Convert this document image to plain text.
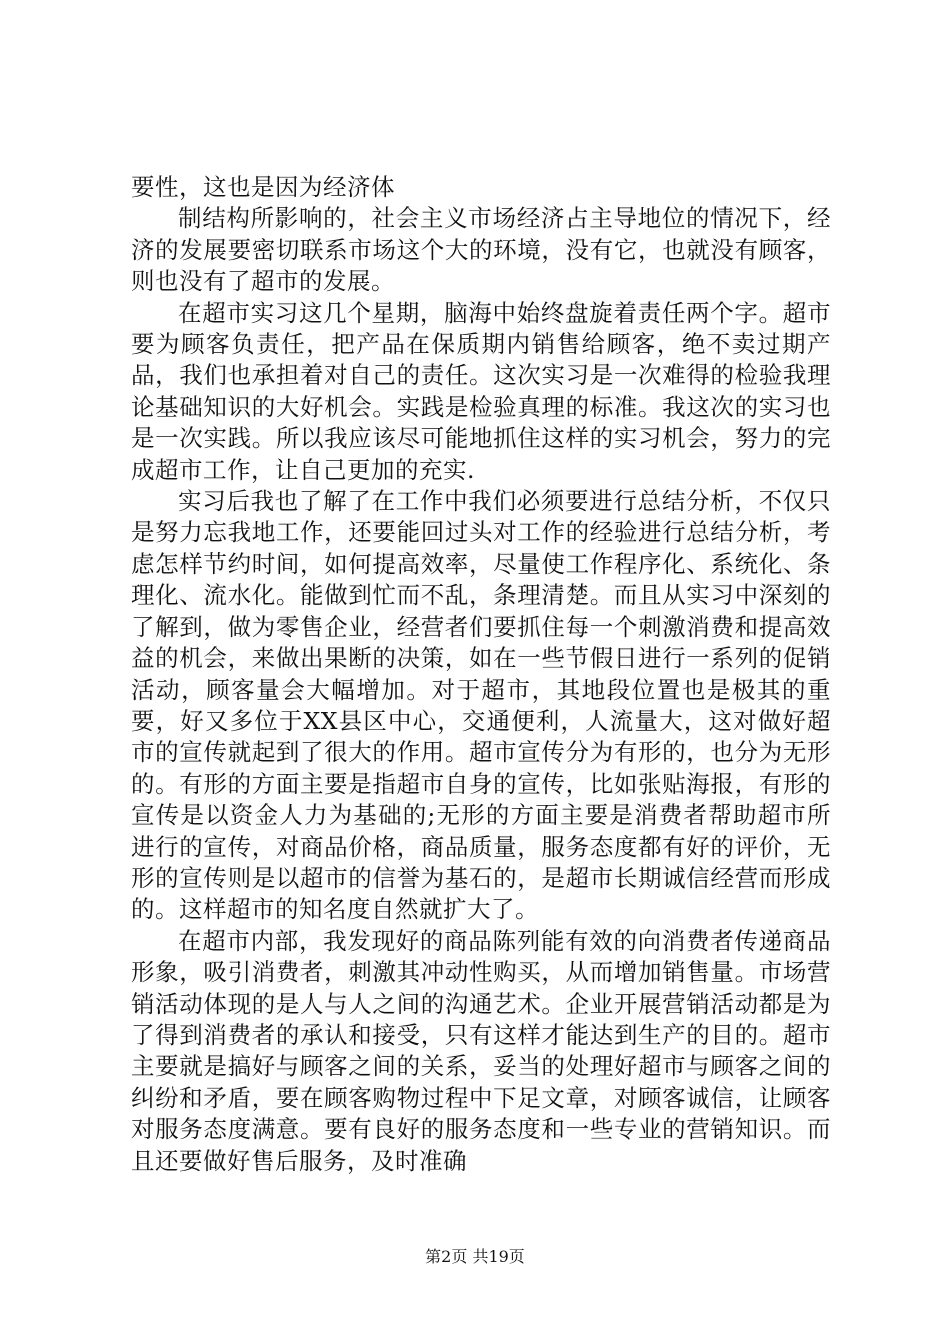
要性，这也是因为经济体

制结构所影响的，社会主义市场经济占主导地位的情况下，经济的发展要密切联系市场这个大的环境，没有它，也就没有顾客，则也没有了超市的发展。

在超市实习这几个星期，脑海中始终盘旋着责任两个字。超市要为顾客负责任，把产品在保质期内销售给顾客，绝不卖过期产品，我们也承担着对自己的责任。这次实习是一次难得的检验我理论基础知识的大好机会。实践是检验真理的标准。我这次的实习也是一次实践。所以我应该尽可能地抓住这样的实习机会，努力的完成超市工作，让自己更加的充实.

实习后我也了解了在工作中我们必须要进行总结分析，不仅只是努力忘我地工作，还要能回过头对工作的经验进行总结分析，考虑怎样节约时间，如何提高效率，尽量使工作程序化、系统化、条理化、流水化。能做到忙而不乱，条理清楚。而且从实习中深刻的了解到，做为零售企业，经营者们要抓住每一个刺激消费和提高效益的机会，来做出果断的决策，如在一些节假日进行一系列的促销活动，顾客量会大幅增加。对于超市，其地段位置也是极其的重要，好又多位于XX县区中心，交通便利，人流量大，这对做好超市的宣传就起到了很大的作用。超市宣传分为有形的，也分为无形的。有形的方面主要是指超市自身的宣传，比如张贴海报，有形的宣传是以资金人力为基础的;无形的方面主要是消费者帮助超市所进行的宣传，对商品价格，商品质量，服务态度都有好的评价，无形的宣传则是以超市的信誉为基石的，是超市长期诚信经营而形成的。这样超市的知名度自然就扩大了。

在超市内部，我发现好的商品陈列能有效的向消费者传递商品形象，吸引消费者，刺激其冲动性购买，从而增加销售量。市场营销活动体现的是人与人之间的沟通艺术。企业开展营销活动都是为了得到消费者的承认和接受，只有这样才能达到生产的目的。超市主要就是搞好与顾客之间的关系，妥当的处理好超市与顾客之间的纠纷和矛盾，要在顾客购物过程中下足文章，对顾客诚信，让顾客对服务态度满意。要有良好的服务态度和一些专业的营销知识。而且还要做好售后服务，及时准确

第2页 共19页
